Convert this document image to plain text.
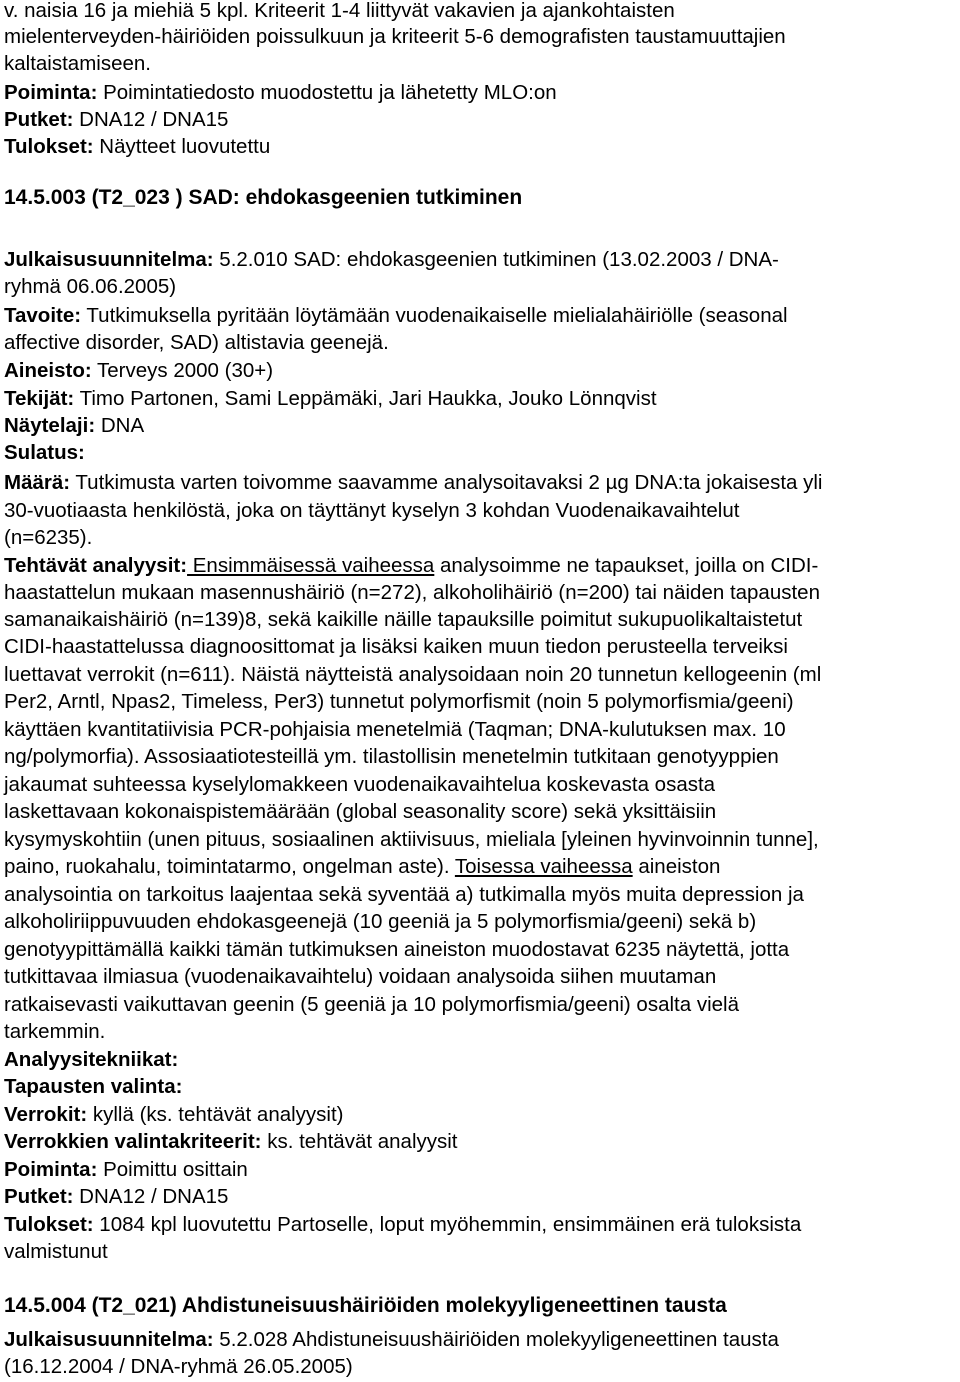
v. naisia 16 ja miehiä 5 kpl. Kriteerit 1-4 liittyvät vakavien ja ajankohtaisten
mielenterveyden-häiriöiden poissulkuun ja kriteerit 5-6 demografisten taustamuuttajien
kaltaistamiseen.
Poiminta: Poimintatiedosto muodostettu ja lähetetty MLO:on
Putket: DNA12 / DNA15
Tulokset: Näytteet luovutettu
14.5.003 (T2_023 ) SAD: ehdokasgeenien tutkiminen
Julkaisusuunnitelma: 5.2.010 SAD: ehdokasgeenien tutkiminen (13.02.2003 / DNA-
ryhmä 06.06.2005)
Tavoite: Tutkimuksella pyritään löytämään vuodenaikaiselle mielialahäiriölle (seasonal
affective disorder, SAD) altistavia geenejä.
Aineisto: Terveys 2000 (30+)
Tekijät: Timo Partonen, Sami Leppämäki, Jari Haukka, Jouko Lönnqvist
Näytelaji: DNA
Sulatus:
Määrä: Tutkimusta varten toivomme saavamme analysoitavaksi 2 µg DNA:ta jokaisesta yli
30-vuotiaasta henkilöstä, joka on täyttänyt kyselyn 3 kohdan Vuodenaikavaihtelut
(n=6235).
Tehtävät analyysit: Ensimmäisessä vaiheessa analysoimme ne tapaukset, joilla on CIDI-
haastattelun mukaan masennushäiriö (n=272), alkoholihäiriö (n=200) tai näiden tapausten
samanaikaishäiriö (n=139)8, sekä kaikille näille tapauksille poimitut sukupuolikaltaistetut
CIDI-haastattelussa diagnoosittomat ja lisäksi kaiken muun tiedon perusteella terveiksi
luettavat verrokit (n=611). Näistä näytteistä analysoidaan noin 20 tunnetun kellogeenin (ml
Per2, Arntl, Npas2, Timeless, Per3) tunnetut polymorfismit (noin 5 polymorfismia/geeni)
käyttäen kvantitatiivisia PCR-pohjaisia menetelmiä (Taqman; DNA-kulutuksen max. 10
ng/polymorfia). Assosiaatiotesteillä ym. tilastollisin menetelmin tutkitaan genotyyppien
jakaumat suhteessa kyselylomakkeen vuodenaikavaihtelua koskevasta osasta
laskettavaan kokonaispistemäärään (global seasonality score) sekä yksittäisiin
kysymyskohtiin (unen pituus, sosiaalinen aktiivisuus, mieliala [yleinen hyvinvoinnin tunne],
paino, ruokahalu, toimintatarmo, ongelman aste). Toisessa vaiheessa aineiston
analysointia on tarkoitus laajentaa sekä syventää a) tutkimalla myös muita depression ja
alkoholiriippuvuuden ehdokasgeenejä (10 geeniä ja 5 polymorfismia/geeni) sekä b)
genotyypittämällä kaikki tämän tutkimuksen aineiston muodostavat 6235 näytettä, jotta
tutkittavaa ilmiasua (vuodenaikavaihtelu) voidaan analysoida siihen muutaman
ratkaisevasti vaikuttavan geenin (5 geeniä ja 10 polymorfismia/geeni) osalta vielä
tarkemmin.
Analyysitekniikat:
Tapausten valinta:
Verrokit: kyllä (ks. tehtävät analyysit)
Verrokkien valintakriteerit: ks. tehtävät analyysit
Poiminta: Poimittu osittain
Putket: DNA12 / DNA15
Tulokset: 1084 kpl luovutettu Partoselle, loput myöhemmin, ensimmäinen erä tuloksista
valmistunut
14.5.004 (T2_021) Ahdistuneisuushäiriöiden molekyyligeneettinen tausta
Julkaisusuunnitelma: 5.2.028 Ahdistuneisuushäiriöiden molekyyligeneettinen tausta
(16.12.2004 / DNA-ryhmä 26.05.2005)
